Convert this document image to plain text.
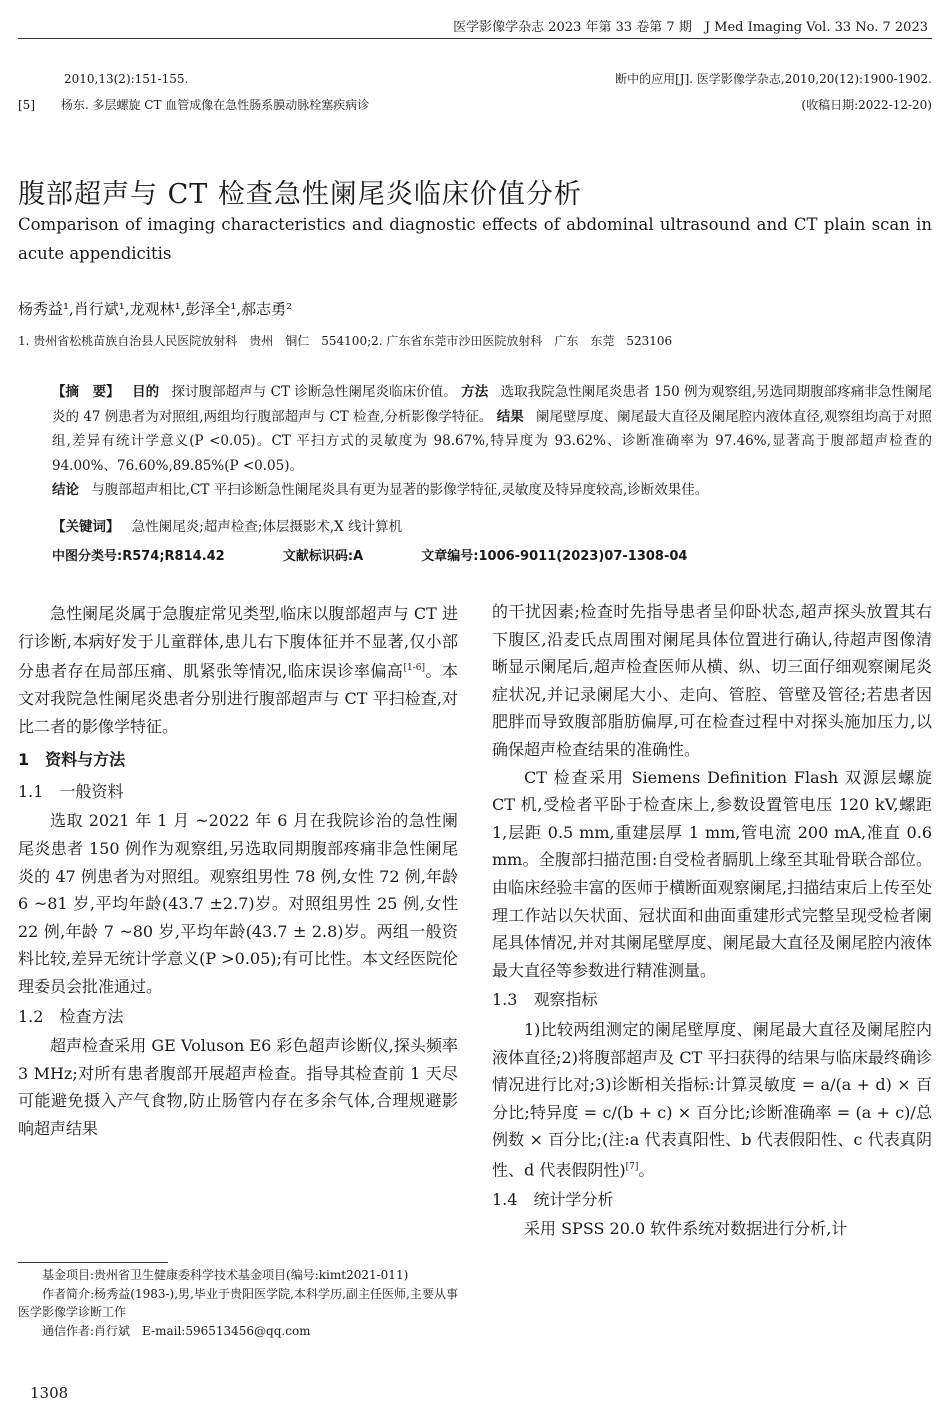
医学影像学杂志 2023 年第 33 卷第 7 期　J Med Imaging Vol. 33 No. 7 2023
2010,13(2):151-155.
[5] 杨东. 多层螺旋 CT 血管成像在急性肠系膜动脉栓塞疾病诊
断中的应用[J]. 医学影像学杂志,2010,20(12):1900-1902.
(收稿日期:2022-12-20)
腹部超声与 CT 检查急性阑尾炎临床价值分析
Comparison of imaging characteristics and diagnostic effects of abdominal ultrasound and CT plain scan in acute appendicitis
杨秀益¹,肖行斌¹,龙观林¹,彭泽全¹,郝志勇²
1. 贵州省松桃苗族自治县人民医院放射科　贵州　铜仁　554100;2. 广东省东莞市沙田医院放射科　广东　东莞　523106
【摘　要】 目的 探讨腹部超声与 CT 诊断急性阑尾炎临床价值。 方法 选取我院急性阑尾炎患者 150 例为观察组,另选同期腹部疼痛非急性阑尾炎的 47 例患者为对照组,两组均行腹部超声与 CT 检查,分析影像学特征。 结果 阑尾壁厚度、阑尾最大直径及阑尾腔内液体直径,观察组均高于对照组,差异有统计学意义(P <0.05)。CT 平扫方式的灵敏度为 98.67%,特异度为 93.62%、诊断准确率为 97.46%,显著高于腹部超声检查的 94.00%、76.60%,89.85%(P <0.05)。
结论 与腹部超声相比,CT 平扫诊断急性阑尾炎具有更为显著的影像学特征,灵敏度及特异度较高,诊断效果佳。
【关键词】 急性阑尾炎;超声检查;体层摄影术,X 线计算机
中图分类号:R574;R814.42	文献标识码:A	文章编号:1006-9011(2023)07-1308-04

急性阑尾炎属于急腹症常见类型,临床以腹部超声与 CT 进行诊断,本病好发于儿童群体,患儿右下腹体征并不显著,仅小部分患者存在局部压痛、肌紧张等情况,临床误诊率偏高[1-6]。本文对我院急性阑尾炎患者分别进行腹部超声与 CT 平扫检查,对比二者的影像学特征。

1　资料与方法

1.1　一般资料

选取 2021 年 1 月 ~2022 年 6 月在我院诊治的急性阑尾炎患者 150 例作为观察组,另选取同期腹部疼痛非急性阑尾炎的 47 例患者为对照组。观察组男性 78 例,女性 72 例,年龄 6 ~81 岁,平均年龄(43.7 ±2.7)岁。对照组男性 25 例,女性 22 例,年龄 7 ~80 岁,平均年龄(43.7 ± 2.8)岁。两组一般资料比较,差异无统计学意义(P >0.05);有可比性。本文经医院伦理委员会批准通过。

1.2　检查方法

超声检查采用 GE Voluson E6 彩色超声诊断仪,探头频率 3 MHz;对所有患者腹部开展超声检查。指导其检查前 1 天尽可能避免摄入产气食物,防止肠管内存在多余气体,合理规避影响超声结果

的干扰因素;检查时先指导患者呈仰卧状态,超声探头放置其右下腹区,沿麦氏点周围对阑尾具体位置进行确认,待超声图像清晰显示阑尾后,超声检查医师从横、纵、切三面仔细观察阑尾炎症状况,并记录阑尾大小、走向、管腔、管壁及管径;若患者因肥胖而导致腹部脂肪偏厚,可在检查过程中对探头施加压力,以确保超声检查结果的准确性。

CT 检查采用 Siemens Definition Flash 双源层螺旋 CT 机,受检者平卧于检查床上,参数设置管电压 120 kV,螺距 1,层距 0.5 mm,重建层厚 1 mm,管电流 200 mA,准直 0.6 mm。全腹部扫描范围:自受检者膈肌上缘至其耻骨联合部位。由临床经验丰富的医师于横断面观察阑尾,扫描结束后上传至处理工作站以矢状面、冠状面和曲面重建形式完整呈现受检者阑尾具体情况,并对其阑尾壁厚度、阑尾最大直径及阑尾腔内液体最大直径等参数进行精准测量。

1.3　观察指标

1)比较两组测定的阑尾壁厚度、阑尾最大直径及阑尾腔内液体直径;2)将腹部超声及 CT 平扫获得的结果与临床最终确诊情况进行比对;3)诊断相关指标:计算灵敏度 = a/(a + d) × 百分比;特异度 = c/(b + c) × 百分比;诊断准确率 = (a + c)/总例数 × 百分比;(注:a 代表真阳性、b 代表假阳性、c 代表真阴性、d 代表假阴性)[7]。

1.4　统计学分析

采用 SPSS 20.0 软件系统对数据进行分析,计

基金项目:贵州省卫生健康委科学技术基金项目(编号:kimt2021-011)

作者简介:杨秀益(1983-),男,毕业于贵阳医学院,本科学历,副主任医师,主要从事医学影像学诊断工作

通信作者:肖行斌　E-mail:596513456@qq.com

1308
